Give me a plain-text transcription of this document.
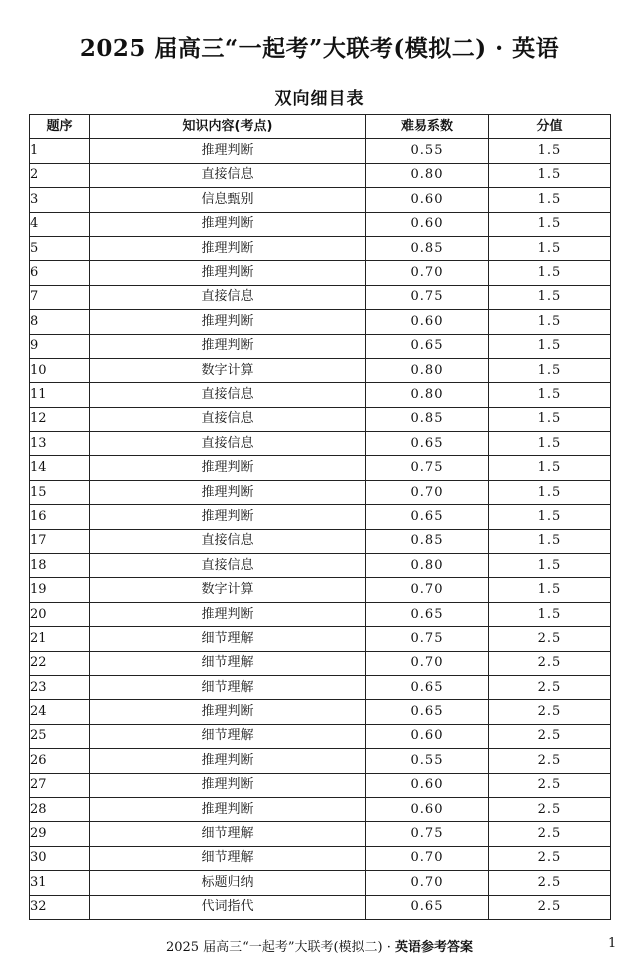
2025 届高三“一起考”大联考(模拟二) · 英语
双向细目表
题序	知识内容(考点)	难易系数	分值
1	推理判断	0.55	1.5
2	直接信息	0.80	1.5
3	信息甄别	0.60	1.5
4	推理判断	0.60	1.5
5	推理判断	0.85	1.5
6	推理判断	0.70	1.5
7	直接信息	0.75	1.5
8	推理判断	0.60	1.5
9	推理判断	0.65	1.5
10	数字计算	0.80	1.5
11	直接信息	0.80	1.5
12	直接信息	0.85	1.5
13	直接信息	0.65	1.5
14	推理判断	0.75	1.5
15	推理判断	0.70	1.5
16	推理判断	0.65	1.5
17	直接信息	0.85	1.5
18	直接信息	0.80	1.5
19	数字计算	0.70	1.5
20	推理判断	0.65	1.5
21	细节理解	0.75	2.5
22	细节理解	0.70	2.5
23	细节理解	0.65	2.5
24	推理判断	0.65	2.5
25	细节理解	0.60	2.5
26	推理判断	0.55	2.5
27	推理判断	0.60	2.5
28	推理判断	0.60	2.5
29	细节理解	0.75	2.5
30	细节理解	0.70	2.5
31	标题归纳	0.70	2.5
32	代词指代	0.65	2.5
2025 届高三“一起考”大联考(模拟二) · 英语参考答案	1
